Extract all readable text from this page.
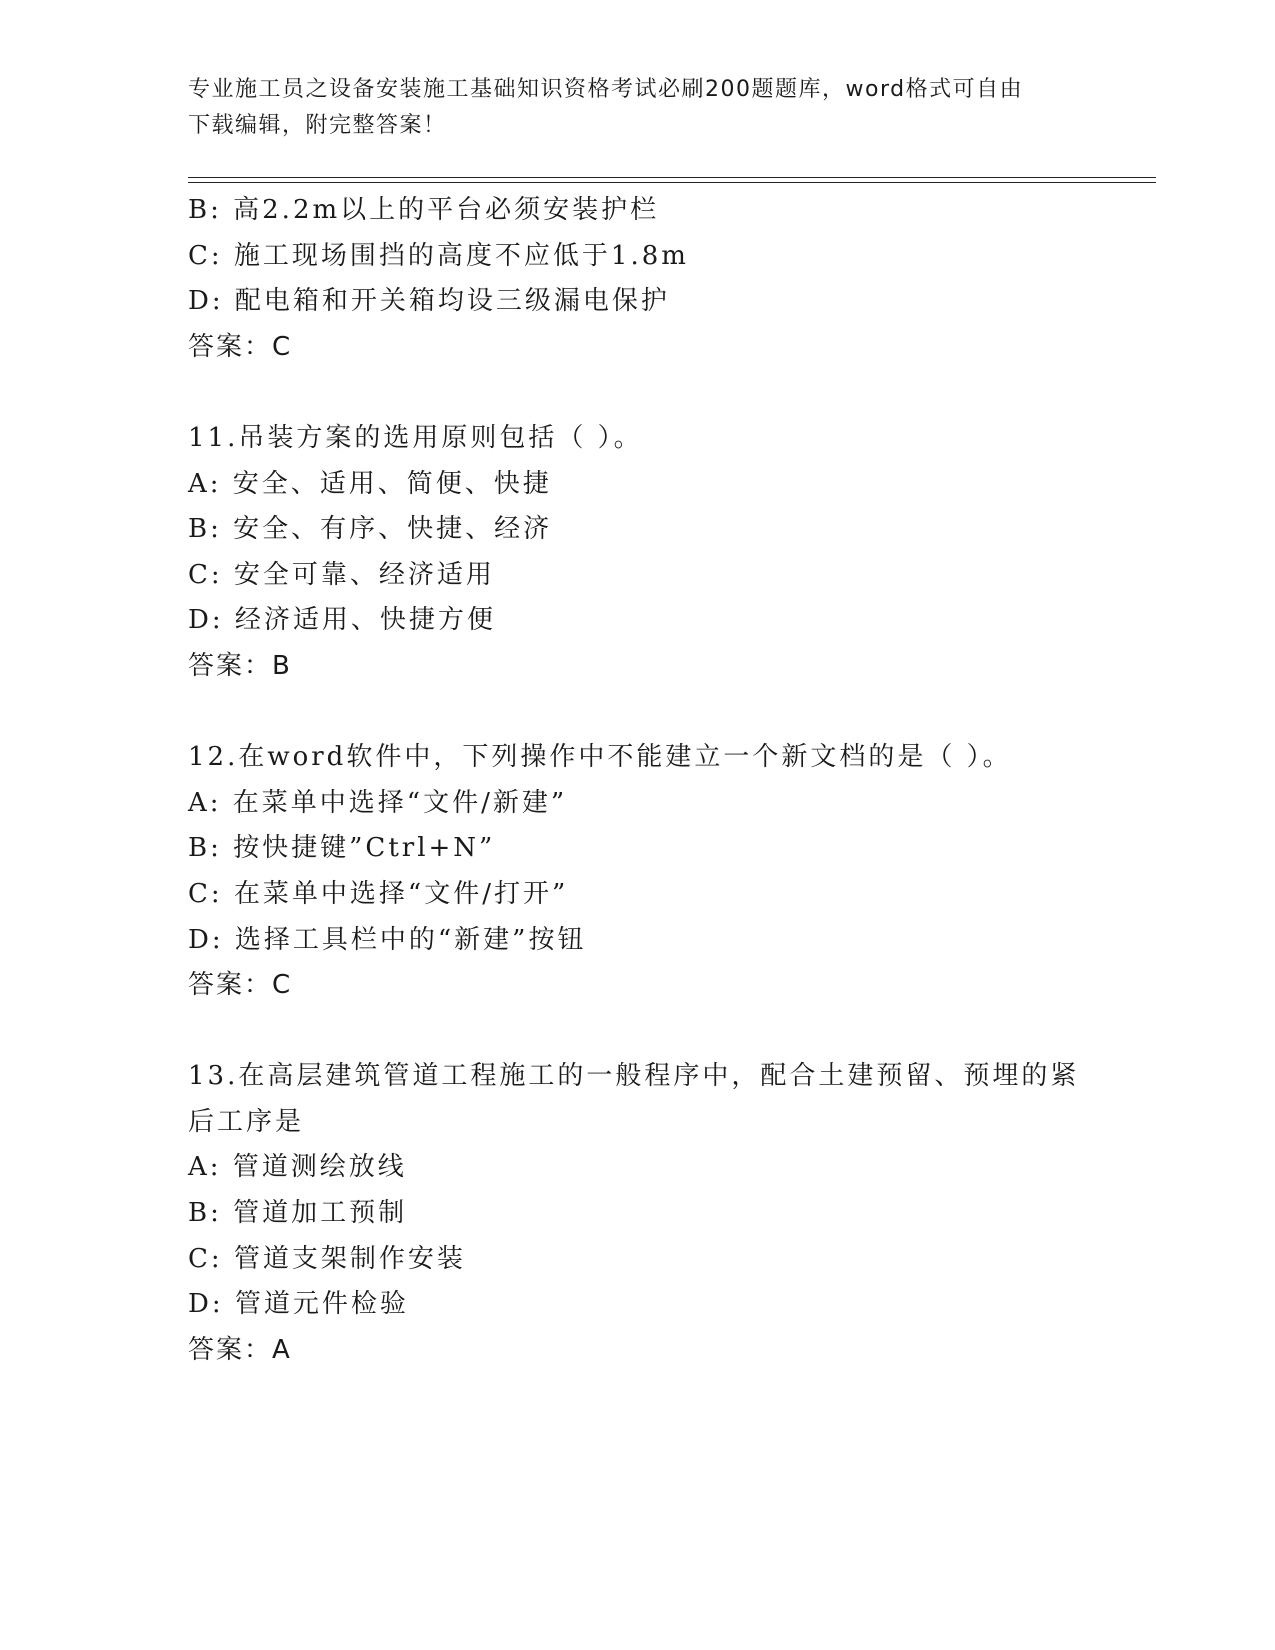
专业施工员之设备安装施工基础知识资格考试必刷200题题库，word格式可自由
下载编辑，附完整答案！
B: 高2.2m以上的平台必须安装护栏
C: 施工现场围挡的高度不应低于1.8m
D: 配电箱和开关箱均设三级漏电保护
答案：C
11.吊装方案的选用原则包括（ ）。
A: 安全、适用、简便、快捷
B: 安全、有序、快捷、经济
C: 安全可靠、经济适用
D: 经济适用、快捷方便
答案：B
12.在word软件中，下列操作中不能建立一个新文档的是（ ）。
A: 在菜单中选择“文件/新建”
B: 按快捷键”Ctrl+N”
C: 在菜单中选择“文件/打开”
D: 选择工具栏中的“新建”按钮
答案：C
13.在高层建筑管道工程施工的一般程序中，配合土建预留、预埋的紧
后工序是
A: 管道测绘放线
B: 管道加工预制
C: 管道支架制作安装
D: 管道元件检验
答案：A
